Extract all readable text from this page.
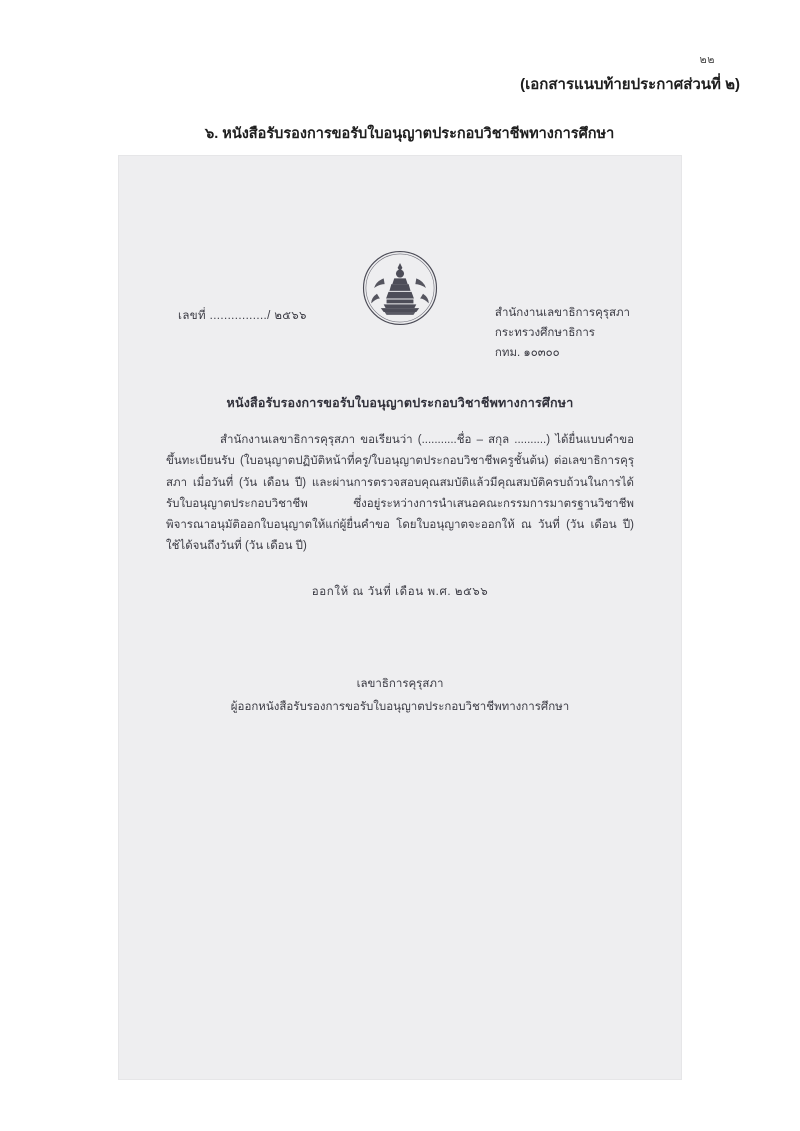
๒๒
(เอกสารแนบท้ายประกาศส่วนที่ ๒)
๖. หนังสือรับรองการขอรับใบอนุญาตประกอบวิชาชีพทางการศึกษา
เลขที่ ................/ ๒๕๖๖	สำนักงานเลขาธิการคุรุสภา
กระทรวงศึกษาธิการ
กทม. ๑๐๓๐๐
หนังสือรับรองการขอรับใบอนุญาตประกอบวิชาชีพทางการศึกษา

สำนักงานเลขาธิการคุรุสภา ขอเรียนว่า (...........ชื่อ – สกุล ..........) ได้ยื่นแบบคำขอขึ้นทะเบียนรับ (ใบอนุญาตปฏิบัติหน้าที่ครู/ใบอนุญาตประกอบวิชาชีพครูชั้นต้น) ต่อเลขาธิการคุรุสภา เมื่อวันที่ (วัน เดือน ปี) และผ่านการตรวจสอบคุณสมบัติแล้วมีคุณสมบัติครบถ้วนในการได้รับใบอนุญาตประกอบวิชาชีพ ซึ่งอยู่ระหว่างการนำเสนอคณะกรรมการมาตรฐานวิชาชีพพิจารณาอนุมัติออกใบอนุญาตให้แก่ผู้ยื่นคำขอ โดยใบอนุญาตจะออกให้ ณ วันที่ (วัน เดือน ปี) ใช้ได้จนถึงวันที่ (วัน เดือน ปี)

ออกให้ ณ วันที่ เดือน พ.ศ. ๒๕๖๖
เลขาธิการคุรุสภา
ผู้ออกหนังสือรับรองการขอรับใบอนุญาตประกอบวิชาชีพทางการศึกษา
